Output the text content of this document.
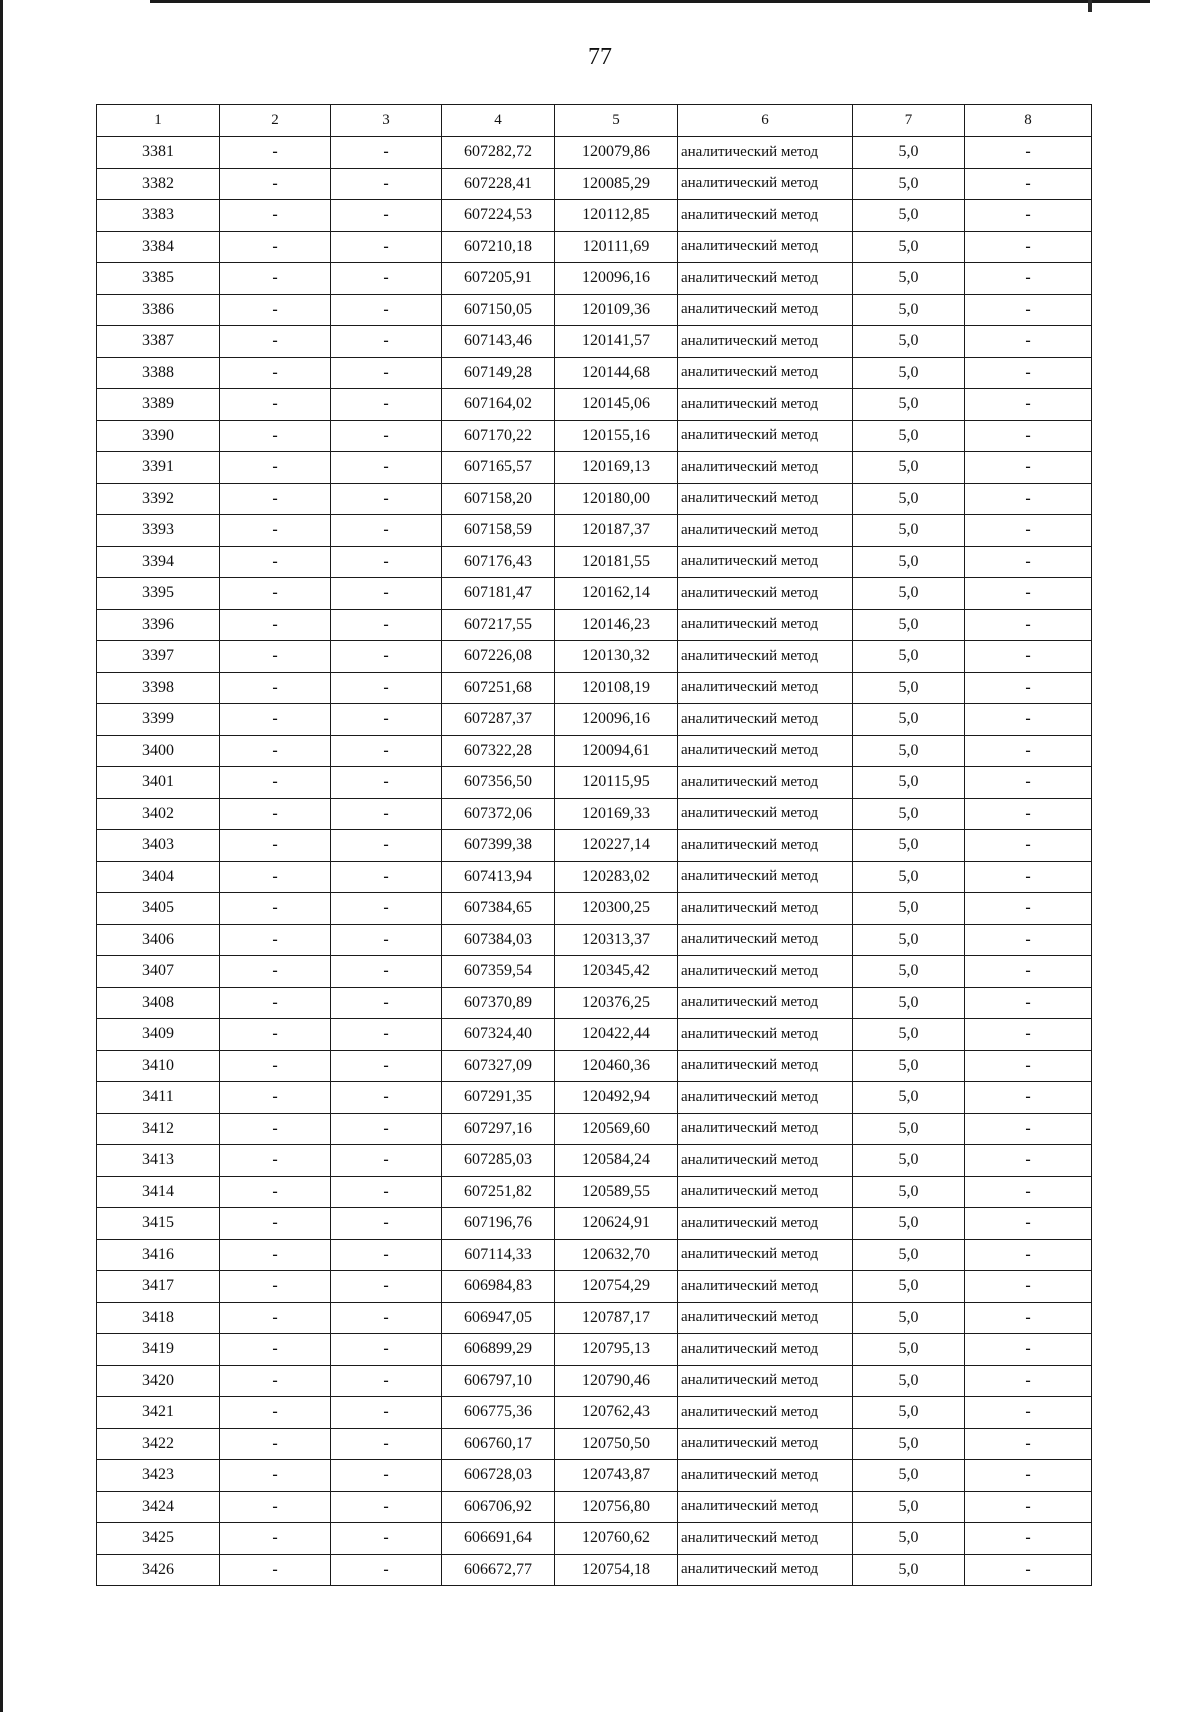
77
1	2	3	4	5	6	7	8
3381	-	-	607282,72	120079,86	аналитический метод	5,0	-
3382	-	-	607228,41	120085,29	аналитический метод	5,0	-
3383	-	-	607224,53	120112,85	аналитический метод	5,0	-
3384	-	-	607210,18	120111,69	аналитический метод	5,0	-
3385	-	-	607205,91	120096,16	аналитический метод	5,0	-
3386	-	-	607150,05	120109,36	аналитический метод	5,0	-
3387	-	-	607143,46	120141,57	аналитический метод	5,0	-
3388	-	-	607149,28	120144,68	аналитический метод	5,0	-
3389	-	-	607164,02	120145,06	аналитический метод	5,0	-
3390	-	-	607170,22	120155,16	аналитический метод	5,0	-
3391	-	-	607165,57	120169,13	аналитический метод	5,0	-
3392	-	-	607158,20	120180,00	аналитический метод	5,0	-
3393	-	-	607158,59	120187,37	аналитический метод	5,0	-
3394	-	-	607176,43	120181,55	аналитический метод	5,0	-
3395	-	-	607181,47	120162,14	аналитический метод	5,0	-
3396	-	-	607217,55	120146,23	аналитический метод	5,0	-
3397	-	-	607226,08	120130,32	аналитический метод	5,0	-
3398	-	-	607251,68	120108,19	аналитический метод	5,0	-
3399	-	-	607287,37	120096,16	аналитический метод	5,0	-
3400	-	-	607322,28	120094,61	аналитический метод	5,0	-
3401	-	-	607356,50	120115,95	аналитический метод	5,0	-
3402	-	-	607372,06	120169,33	аналитический метод	5,0	-
3403	-	-	607399,38	120227,14	аналитический метод	5,0	-
3404	-	-	607413,94	120283,02	аналитический метод	5,0	-
3405	-	-	607384,65	120300,25	аналитический метод	5,0	-
3406	-	-	607384,03	120313,37	аналитический метод	5,0	-
3407	-	-	607359,54	120345,42	аналитический метод	5,0	-
3408	-	-	607370,89	120376,25	аналитический метод	5,0	-
3409	-	-	607324,40	120422,44	аналитический метод	5,0	-
3410	-	-	607327,09	120460,36	аналитический метод	5,0	-
3411	-	-	607291,35	120492,94	аналитический метод	5,0	-
3412	-	-	607297,16	120569,60	аналитический метод	5,0	-
3413	-	-	607285,03	120584,24	аналитический метод	5,0	-
3414	-	-	607251,82	120589,55	аналитический метод	5,0	-
3415	-	-	607196,76	120624,91	аналитический метод	5,0	-
3416	-	-	607114,33	120632,70	аналитический метод	5,0	-
3417	-	-	606984,83	120754,29	аналитический метод	5,0	-
3418	-	-	606947,05	120787,17	аналитический метод	5,0	-
3419	-	-	606899,29	120795,13	аналитический метод	5,0	-
3420	-	-	606797,10	120790,46	аналитический метод	5,0	-
3421	-	-	606775,36	120762,43	аналитический метод	5,0	-
3422	-	-	606760,17	120750,50	аналитический метод	5,0	-
3423	-	-	606728,03	120743,87	аналитический метод	5,0	-
3424	-	-	606706,92	120756,80	аналитический метод	5,0	-
3425	-	-	606691,64	120760,62	аналитический метод	5,0	-
3426	-	-	606672,77	120754,18	аналитический метод	5,0	-
